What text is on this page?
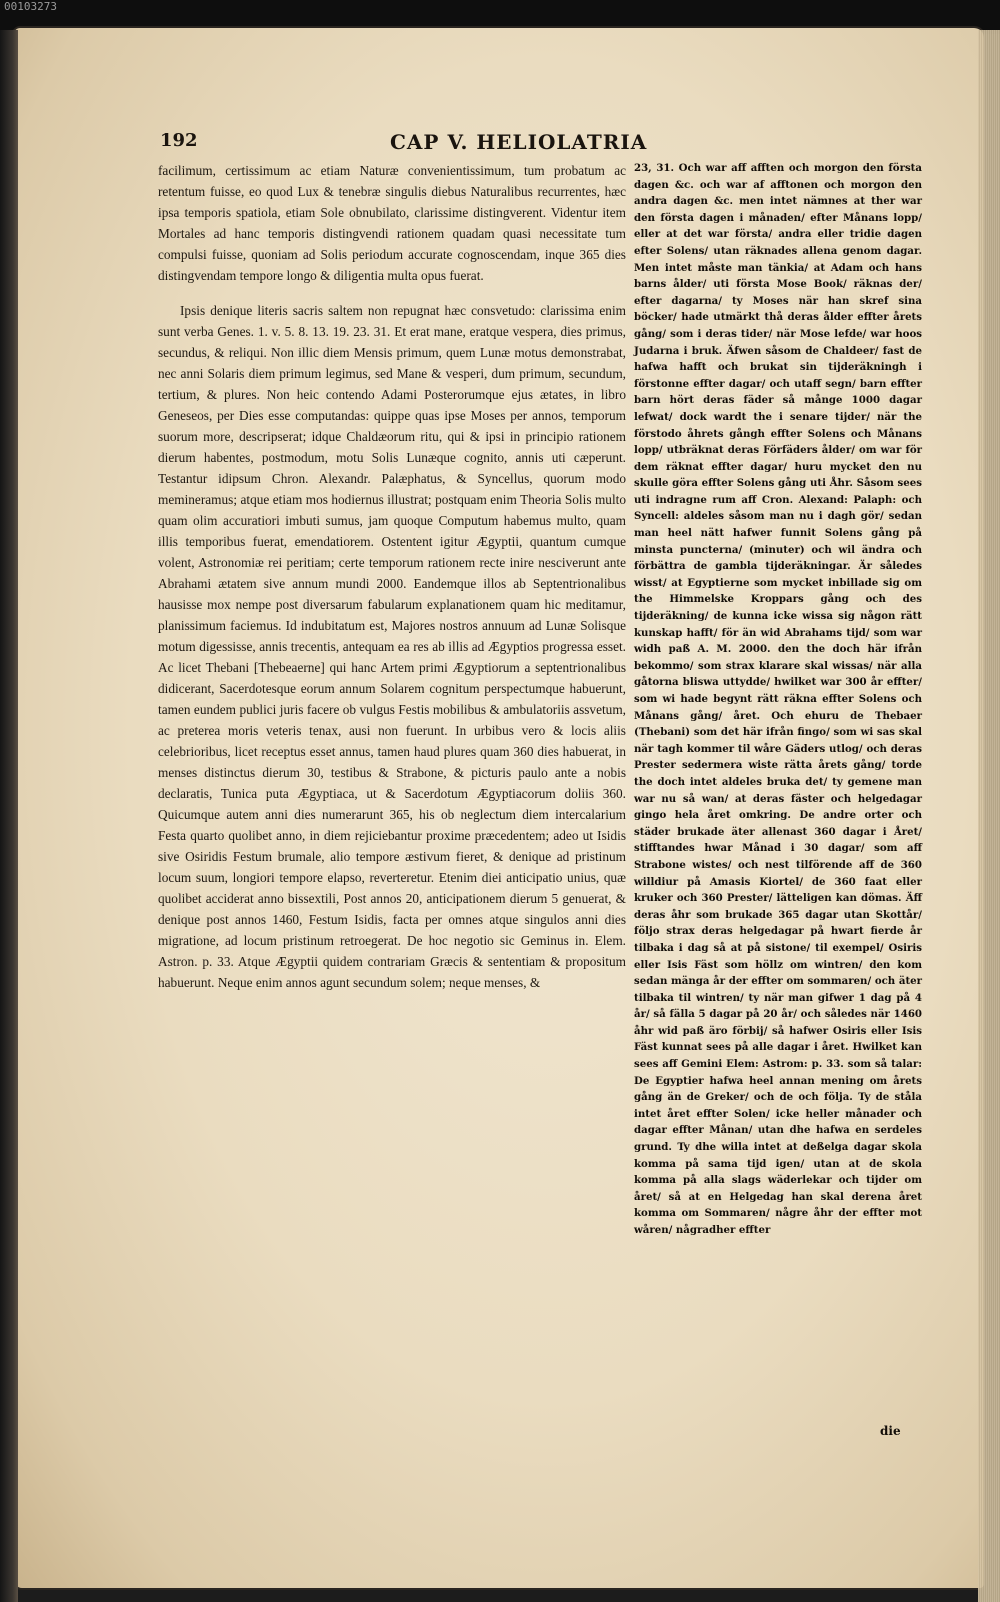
00103273
192	CAP V. HELIOLATRIA

facilimum, certissimum ac etiam Naturæ convenientissimum, tum probatum ac retentum fuisse, eo quod Lux & tenebræ singulis diebus Naturalibus recurrentes, hæc ipsa temporis spatiola, etiam Sole obnubilato, clarissime distingverent. Videntur item Mortales ad hanc temporis distingvendi rationem quadam quasi necessitate tum compulsi fuisse, quoniam ad Solis periodum accurate cognoscendam, inque 365 dies distingvendam tempore longo & diligentia multa opus fuerat.

Ipsis denique literis sacris saltem non repugnat hæc consvetudo: clarissima enim sunt verba Genes. 1. v. 5. 8. 13. 19. 23. 31. Et erat mane, eratque vespera, dies primus, secundus, & reliqui. Non illic diem Mensis primum, quem Lunæ motus demonstrabat, nec anni Solaris diem primum legimus, sed Mane & vesperi, dum primum, secundum, tertium, & plures. Non heic contendo Adami Posterorumque ejus ætates, in libro Geneseos, per Dies esse computandas: quippe quas ipse Moses per annos, temporum suorum more, descripserat; idque Chaldæorum ritu, qui & ipsi in principio rationem dierum habentes, postmodum, motu Solis Lunæque cognito, annis uti cæperunt. Testantur idipsum Chron. Alexandr. Palæphatus, & Syncellus, quorum modo memineramus; atque etiam mos hodiernus illustrat; postquam enim Theoria Solis multo quam olim accuratiori imbuti sumus, jam quoque Computum habemus multo, quam illis temporibus fuerat, emendatiorem. Ostentent igitur Ægyptii, quantum cumque volent, Astronomiæ rei peritiam; certe temporum rationem recte inire nesciverunt ante Abrahami ætatem sive annum mundi 2000. Eandemque illos ab Septentrionalibus hausisse mox nempe post diversarum fabularum explanationem quam hic meditamur, planissimum faciemus. Id indubitatum est, Majores nostros annuum ad Lunæ Solisque motum digessisse, annis trecentis, antequam ea res ab illis ad Ægyptios progressa esset. Ac licet Thebani [Thebeaerne] qui hanc Artem primi Ægyptiorum a septentrionalibus didicerant, Sacerdotesque eorum annum Solarem cognitum perspectumque habuerunt, tamen eundem publici juris facere ob vulgus Festis mobilibus & ambulatoriis assvetum, ac preterea moris veteris tenax, ausi non fuerunt. In urbibus vero & locis aliis celebrioribus, licet receptus esset annus, tamen haud plures quam 360 dies habuerat, in menses distinctus dierum 30, testibus & Strabone, & picturis paulo ante a nobis declaratis, Tunica puta Ægyptiaca, ut & Sacerdotum Ægyptiacorum doliis 360. Quicumque autem anni dies numerarunt 365, his ob neglectum diem intercalarium Festa quarto quolibet anno, in diem rejiciebantur proxime præcedentem; adeo ut Isidis sive Osiridis Festum brumale, alio tempore æstivum fieret, & denique ad pristinum locum suum, longiori tempore elapso, reverteretur. Etenim diei anticipatio unius, quæ quolibet acciderat anno bissextili, Post annos 20, anticipationem dierum 5 genuerat, & denique post annos 1460, Festum Isidis, facta per omnes atque singulos anni dies migratione, ad locum pristinum retroegerat. De hoc negotio sic Geminus in. Elem. Astron. p. 33. Atque Ægyptii quidem contrariam Græcis & sententiam & propositum habuerunt. Neque enim annos agunt secundum solem; neque menses, &

23, 31. Och war aff afften och morgon den första dagen &c. och war af afftonen och morgon den andra dagen &c. men intet nämnes at ther war den första dagen i månaden/ efter Månans lopp/ eller at det war första/ andra eller tridie dagen efter Solens/ utan räknades allena genom dagar. Men intet måste man tänkia/ at Adam och hans barns ålder/ uti första Mose Book/ räknas der/ efter dagarna/ ty Moses när han skref sina böcker/ hade utmärkt thå deras ålder effter årets gång/ som i deras tider/ när Mose lefde/ war hoos Judarna i bruk. Äfwen såsom de Chaldeer/ fast de hafwa hafft och brukat sin tijderäkningh i förstonne effter dagar/ och utaff segn/ barn effter barn hört deras fäder så månge 1000 dagar lefwat/ dock wardt the i senare tijder/ när the förstodo åhrets gångh effter Solens och Månans lopp/ utbräknat deras Förfäders ålder/ om war för dem räknat effter dagar/ huru mycket den nu skulle göra effter Solens gång uti Åhr. Såsom sees uti indragne rum aff Cron. Alexand: Palaph: och Syncell: aldeles såsom man nu i dagh gör/ sedan man heel nätt hafwer funnit Solens gång på minsta puncterna/ (minuter) och wil ändra och förbättra de gambla tijderäkningar. Är således wisst/ at Egyptierne som mycket inbillade sig om the Himmelske Kroppars gång och des tijderäkning/ de kunna icke wissa sig någon rätt kunskap hafft/ för än wid Abrahams tijd/ som war widh paß A. M. 2000. den the doch här ifrån bekommo/ som strax klarare skal wissas/ när alla gåtorna bliswa uttydde/ hwilket war 300 år effter/ som wi hade begynt rätt räkna effter Solens och Månans gång/ året. Och ehuru de Thebaer (Thebani) som det här ifrån fingo/ som wi sas skal när tagh kommer til wåre Gäders utlog/ och deras Prester sedermera wiste rätta årets gång/ torde the doch intet aldeles bruka det/ ty gemene man war nu så wan/ at deras fäster och helgedagar gingo hela året omkring. De andre orter och städer brukade äter allenast 360 dagar i Året/ stifftandes hwar Månad i 30 dagar/ som aff Strabone wistes/ och nest tilförende aff de 360 willdiur på Amasis Kiortel/ de 360 faat eller kruker och 360 Prester/ lätteligen kan dömas. Äff deras åhr som brukade 365 dagar utan Skottår/ följo strax deras helgedagar på hwart fierde år tilbaka i dag så at på sistone/ til exempel/ Osiris eller Isis Fäst som höllz om wintren/ den kom sedan mänga år der effter om sommaren/ och äter tilbaka til wintren/ ty när man gifwer 1 dag på 4 år/ så fälla 5 dagar på 20 år/ och således när 1460 åhr wid paß äro förbij/ så hafwer Osiris eller Isis Fäst kunnat sees på alle dagar i året. Hwilket kan sees aff Gemini Elem: Astrom: p. 33. som så talar: De Egyptier hafwa heel annan mening om årets gång än de Greker/ och de och följa. Ty de ståla intet året effter Solen/ icke heller månader och dagar effter Månan/ utan dhe hafwa en serdeles grund. Ty dhe willa intet at deßelga dagar skola komma på sama tijd igen/ utan at de skola komma på alla slags wäderlekar och tijder om året/ så at en Helgedag han skal derena året komma om Sommaren/ någre åhr der effter mot wåren/ någradher effter

die
